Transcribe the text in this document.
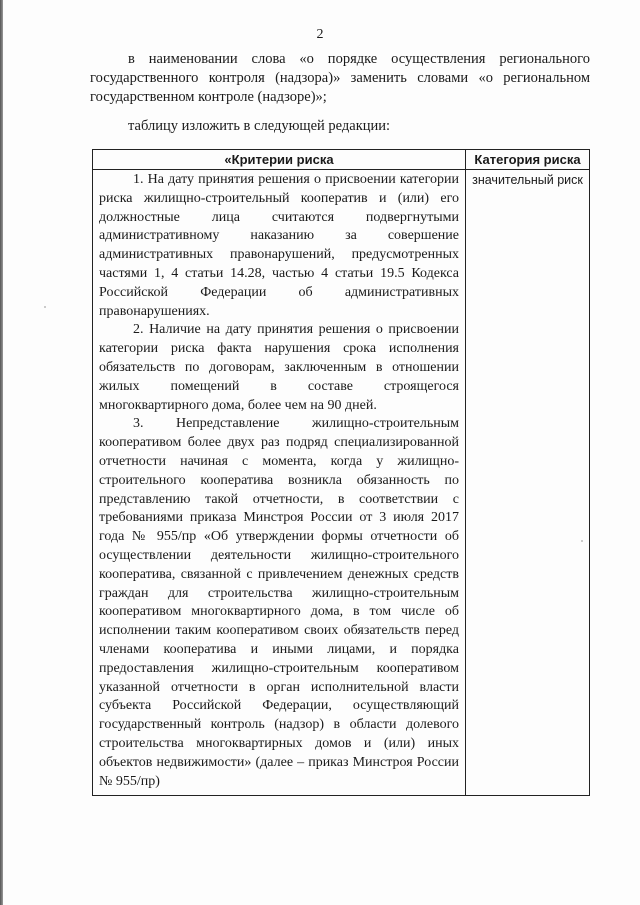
2

в наименовании слова «о порядке осуществления регионального государственного контроля (надзора)» заменить словами «о региональном государственном контроле (надзоре)»;

таблицу изложить в следующей редакции:

«Критерии риска	Категория риска

1. На дату принятия решения о присвоении категории риска жилищно-строительный кооператив и (или) его должностные лица считаются подвергнутыми административному наказанию за совершение административных правонарушений, предусмотренных частями 1, 4 статьи 14.28, частью 4 статьи 19.5 Кодекса Российской Федерации об административных правонарушениях.

2. Наличие на дату принятия решения о присвоении категории риска факта нарушения срока исполнения обязательств по договорам, заключенным в отношении жилых помещений в составе строящегося многоквартирного дома, более чем на 90 дней.

3. Непредставление жилищно-строительным кооперативом более двух раз подряд специализированной отчетности начиная с момента, когда у жилищно-строительного кооператива возникла обязанность по представлению такой отчетности, в соответствии с требованиями приказа Минстроя России от 3 июля 2017 года № 955/пр «Об утверждении формы отчетности об осуществлении деятельности жилищно-строительного кооператива, связанной с привлечением денежных средств граждан для строительства жилищно-строительным кооперативом многоквартирного дома, в том числе об исполнении таким кооперативом своих обязательств перед членами кооператива и иными лицами, и порядка предоставления жилищно-строительным кооперативом указанной отчетности в орган исполнительной власти субъекта Российской Федерации, осуществляющий государственный контроль (надзор) в области долевого строительства многоквартирных домов и (или) иных объектов недвижимости» (далее – приказ Минстроя России № 955/пр)	значительный риск
